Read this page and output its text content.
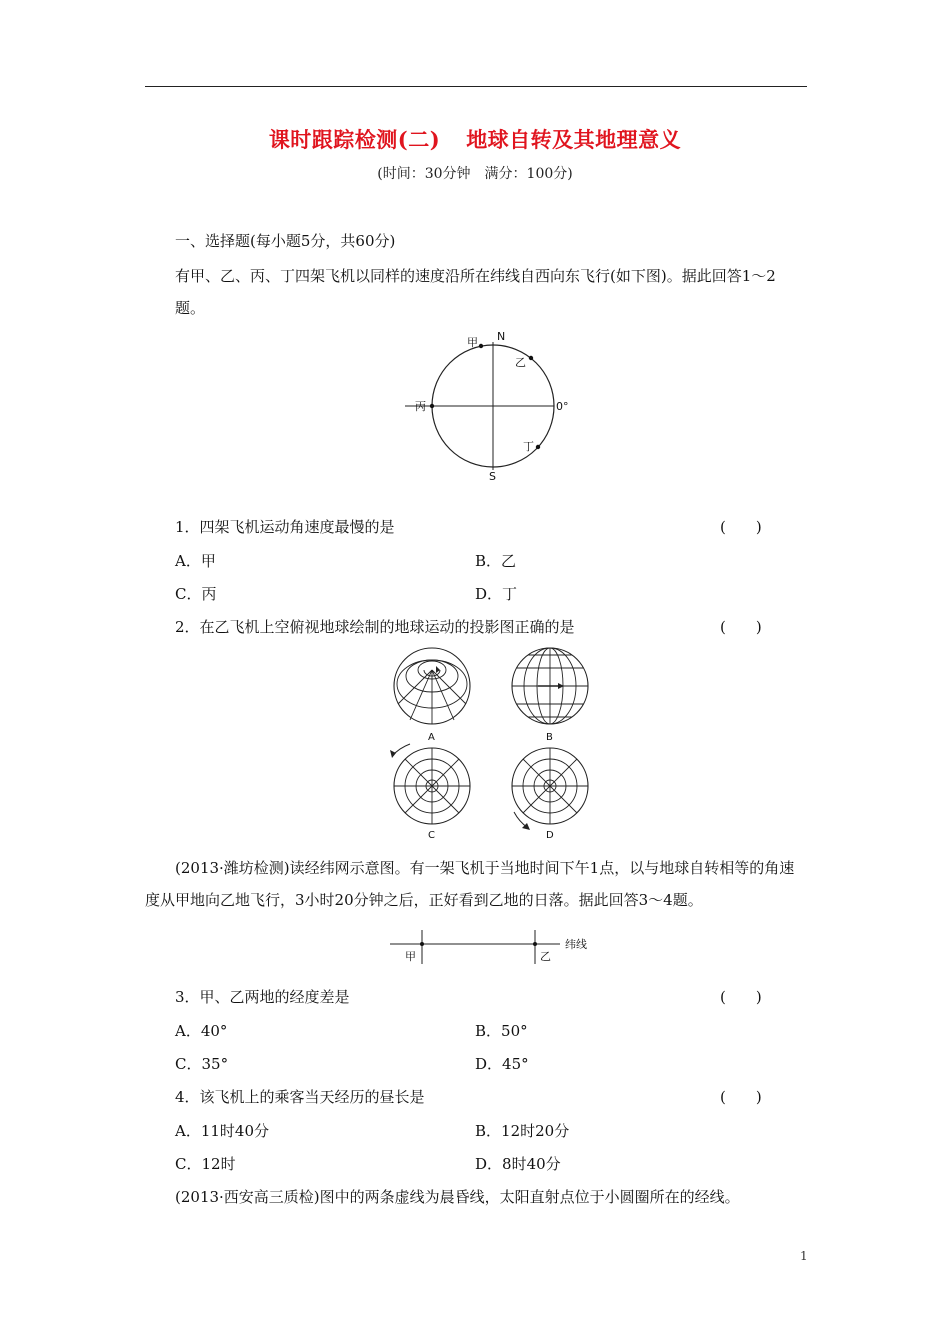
课时跟踪检测(二) 地球自转及其地理意义
(时间：30分钟　满分：100分)
一、选择题(每小题5分，共60分)
有甲、乙、丙、丁四架飞机以同样的速度沿所在纬线自西向东飞行(如下图)。据此回答1～2题。
N
S
甲
乙
丙
丁
0°
1．四架飞机运动角速度最慢的是	(　　)
A．甲	B．乙
C．丙	D．丁
2．在乙飞机上空俯视地球绘制的地球运动的投影图正确的是	(　　)
A	B
C	D
(2013·潍坊检测)读经纬网示意图。有一架飞机于当地时间下午1点，以与地球自转相等的角速度从甲地向乙地飞行，3小时20分钟之后，正好看到乙地的日落。据此回答3～4题。
甲	乙
纬线
3．甲、乙两地的经度差是	(　　)
A．40°	B．50°
C．35°	D．45°
4．该飞机上的乘客当天经历的昼长是	(　　)
A．11时40分	B．12时20分
C．12时	D．8时40分
(2013·西安高三质检)图中的两条虚线为晨昏线，太阳直射点位于小圆圈所在的经线。
1
